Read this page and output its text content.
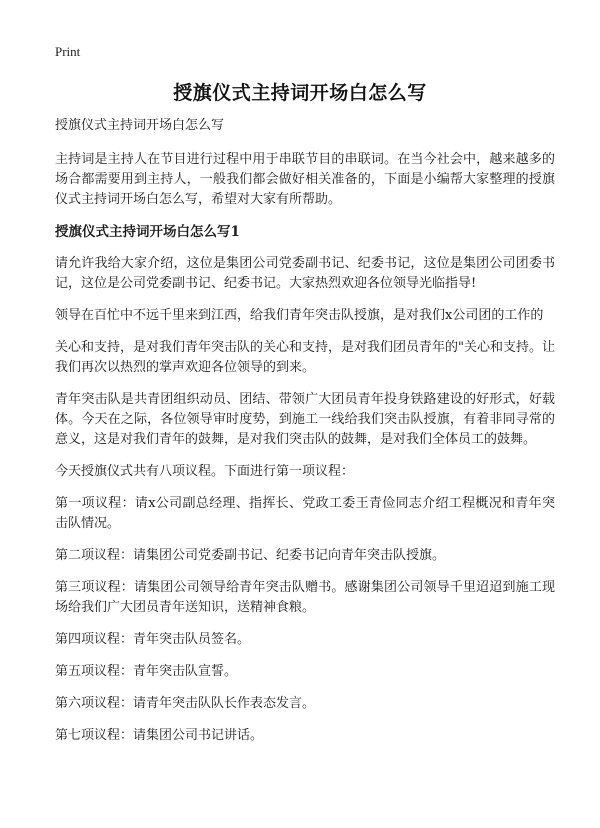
Print
授旗仪式主持词开场白怎么写

授旗仪式主持词开场白怎么写

主持词是主持人在节目进行过程中用于串联节目的串联词。在当今社会中，越来越多的场合都需要用到主持人，一般我们都会做好相关准备的，下面是小编帮大家整理的授旗仪式主持词开场白怎么写，希望对大家有所帮助。

授旗仪式主持词开场白怎么写1

请允许我给大家介绍，这位是集团公司党委副书记、纪委书记，这位是集团公司团委书记，这位是公司党委副书记、纪委书记。大家热烈欢迎各位领导光临指导!

领导在百忙中不远千里来到江西，给我们青年突击队授旗，是对我们x公司团的工作的

关心和支持，是对我们青年突击队的关心和支持，是对我们团员青年的"关心和支持。让我们再次以热烈的掌声欢迎各位领导的到来。

青年突击队是共青团组织动员、团结、带领广大团员青年投身铁路建设的好形式，好载体。今天在之际，各位领导审时度势，到施工一线给我们突击队授旗，有着非同寻常的意义，这是对我们青年的鼓舞，是对我们突击队的鼓舞，是对我们全体员工的鼓舞。

今天授旗仪式共有八项议程。下面进行第一项议程：

第一项议程：请x公司副总经理、指挥长、党政工委王青俭同志介绍工程概况和青年突击队情况。

第二项议程：请集团公司党委副书记、纪委书记向青年突击队授旗。

第三项议程：请集团公司领导给青年突击队赠书。感谢集团公司领导千里迢迢到施工现场给我们广大团员青年送知识，送精神食粮。

第四项议程：青年突击队员签名。

第五项议程：青年突击队宣誓。

第六项议程：请青年突击队队长作表态发言。

第七项议程：请集团公司书记讲话。
